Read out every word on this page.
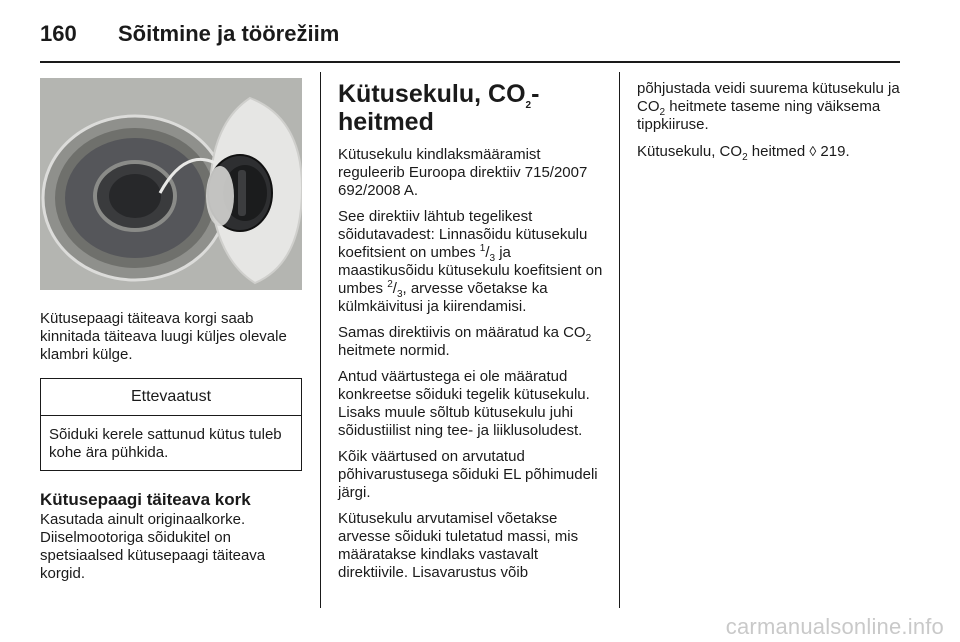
160	Sõitmine ja töörežiim

Kütusepaagi täiteava korgi saab kinnitada täiteava luugi küljes olevale klambri külge.

Ettevaatust
Sõiduki kerele sattunud kütus tuleb kohe ära pühkida.
Kütusepaagi täiteava kork

Kasutada ainult originaalkorke. Diiselmootoriga sõidukitel on spetsiaalsed kütusepaagi täiteava korgid.

Kütusekulu, $CO_2$-heitmed

Kütusekulu kindlaksmääramist reguleerib Euroopa direktiiv 715/2007 692/2008 A.

See direktiiv lähtub tegelikest sõidutavadest: Linnasõidu kütusekulu koefitsient on umbes $^1/_3$ ja maastikusõidu kütusekulu koefitsient on umbes $^2/_3$, arvesse võetakse ka külmkäivitusi ja kiirendamisi.

Samas direktiivis on määratud ka $CO_2$ heitmete normid.

Antud väärtustega ei ole määratud konkreetse sõiduki tegelik kütusekulu. Lisaks muule sõltub kütusekulu juhi sõidustiilist ning tee- ja liiklusoludest.

Kõik väärtused on arvutatud põhivarustusega sõiduki EL põhimudeli järgi.

Kütusekulu arvutamisel võetakse arvesse sõiduki tuletatud massi, mis määratakse kindlaks vastavalt direktiivile. Lisavarustus võib

põhjustada veidi suurema kütusekulu ja $CO_2$ heitmete taseme ning väiksema tippkiiruse.

Kütusekulu, $CO_2$ heitmed ◊ 219.

carmanualsonline.info
